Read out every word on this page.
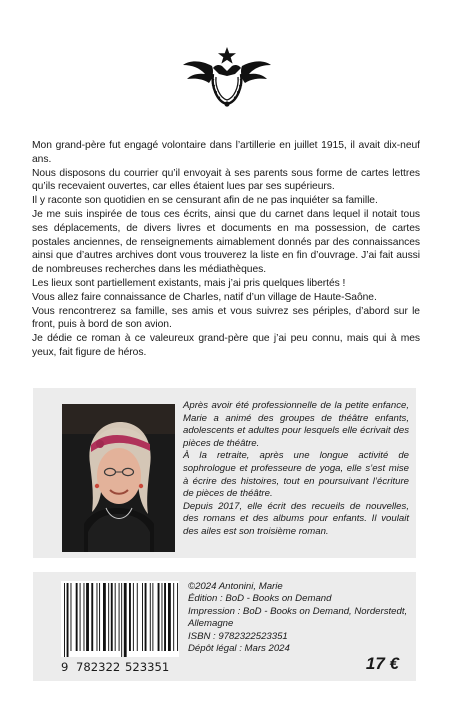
Mon grand-père fut engagé volontaire dans l’artillerie en juillet 1915, il avait dix-neuf ans.

Nous disposons du courrier qu’il envoyait à ses parents sous forme de cartes lettres qu’ils recevaient ouvertes, car elles étaient lues par ses supérieurs.

Il y raconte son quotidien en se censurant afin de ne pas inquiéter sa famille.

Je me suis inspirée de tous ces écrits, ainsi que du carnet dans lequel il notait tous ses déplacements, de divers livres et documents en ma possession, de cartes postales anciennes, de renseignements aimablement donnés par des connaissances ainsi que d’autres archives dont vous trouverez la liste en fin d’ouvrage. J’ai fait aussi de nombreuses recherches dans les médiathèques.

Les lieux sont partiellement existants, mais j’ai pris quelques libertés !

Vous allez faire connaissance de Charles, natif d’un village de Haute-Saône.

Vous rencontrerez sa famille, ses amis et vous suivrez ses périples, d’abord sur le front, puis à bord de son avion.

Je dédie ce roman à ce valeureux grand-père que j’ai peu connu, mais qui à mes yeux, fait figure de héros.

Après avoir été professionnelle de la petite enfance, Marie a animé des groupes de théâtre enfants, adolescents et adultes pour lesquels elle écrivait des pièces de théâtre.

À la retraite, après une longue activité de sophrologue et professeure de yoga, elle s’est mise à écrire des histoires, tout en poursuivant l’écriture de pièces de théâtre.

Depuis 2017, elle écrit des recueils de nouvelles, des romans et des albums pour enfants. Il voulait des ailes est son troisième roman.

9 782322 523351

©2024 Antonini, Marie

Édition : BoD - Books on Demand

Impression : BoD - Books on Demand, Norderstedt, Allemagne

ISBN : 9782322523351

Dépôt légal : Mars 2024

17 €
